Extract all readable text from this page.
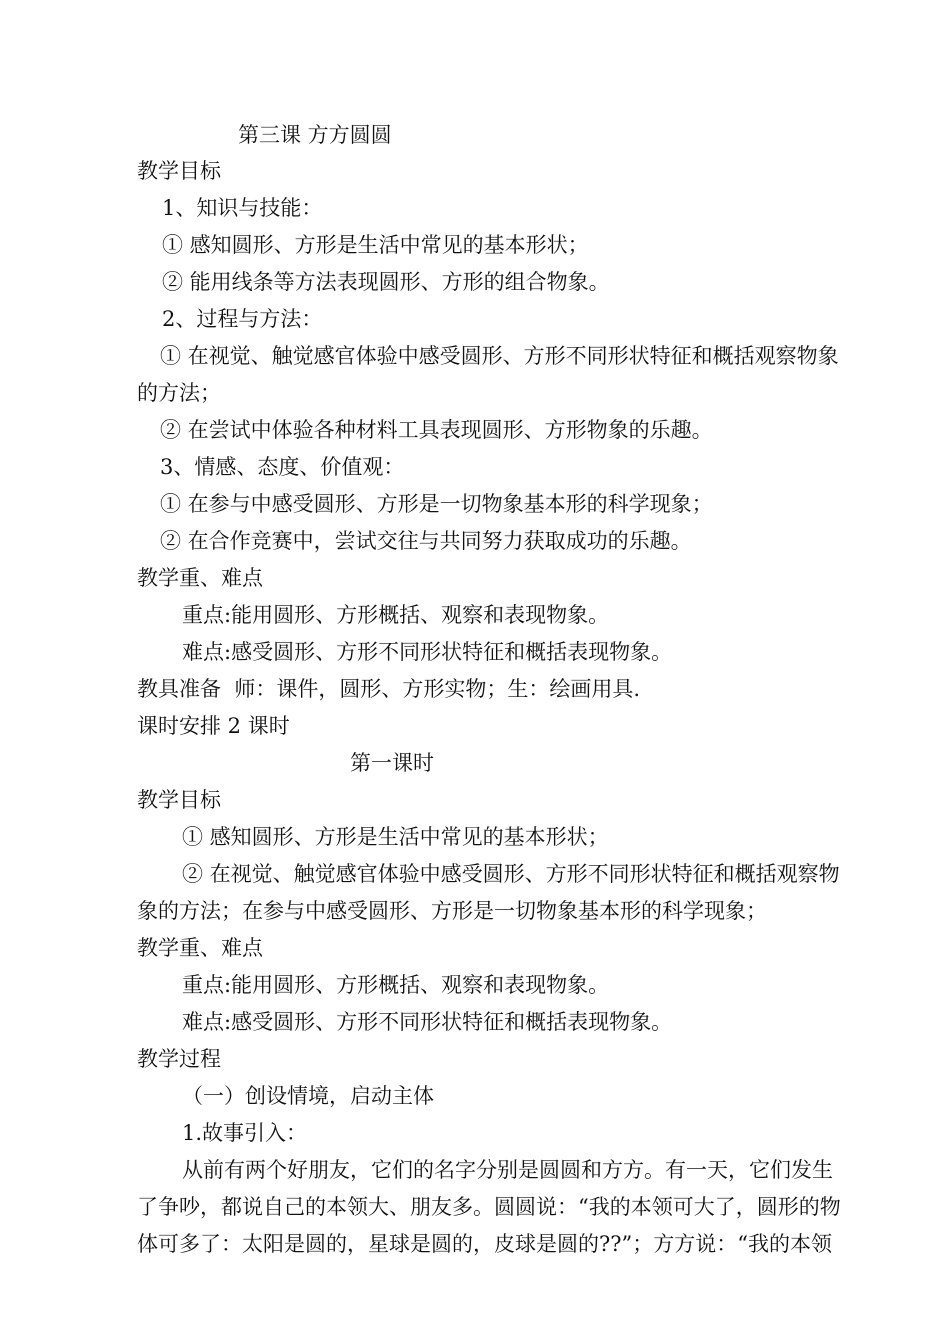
第三课 方方圆圆
教学目标
1、知识与技能：
① 感知圆形、方形是生活中常见的基本形状；
② 能用线条等方法表现圆形、方形的组合物象。
2、过程与方法：
① 在视觉、触觉感官体验中感受圆形、方形不同形状特征和概括观察物象
的方法；
② 在尝试中体验各种材料工具表现圆形、方形物象的乐趣。
3、情感、态度、价值观：
① 在参与中感受圆形、方形是一切物象基本形的科学现象；
② 在合作竞赛中，尝试交往与共同努力获取成功的乐趣。
教学重、难点
重点:能用圆形、方形概括、观察和表现物象。
难点:感受圆形、方形不同形状特征和概括表现物象。
教具准备  师：课件，圆形、方形实物；生：绘画用具.
课时安排 2 课时
第一课时
教学目标
① 感知圆形、方形是生活中常见的基本形状；
② 在视觉、触觉感官体验中感受圆形、方形不同形状特征和概括观察物
象的方法；在参与中感受圆形、方形是一切物象基本形的科学现象；
教学重、难点
重点:能用圆形、方形概括、观察和表现物象。
难点:感受圆形、方形不同形状特征和概括表现物象。
教学过程
（一）创设情境，启动主体
1.故事引入：
从前有两个好朋友，它们的名字分别是圆圆和方方。有一天，它们发生
了争吵，都说自己的本领大、朋友多。圆圆说：“我的本领可大了，圆形的物
体可多了：太阳是圆的，星球是圆的，皮球是圆的??”；方方说：“我的本领
